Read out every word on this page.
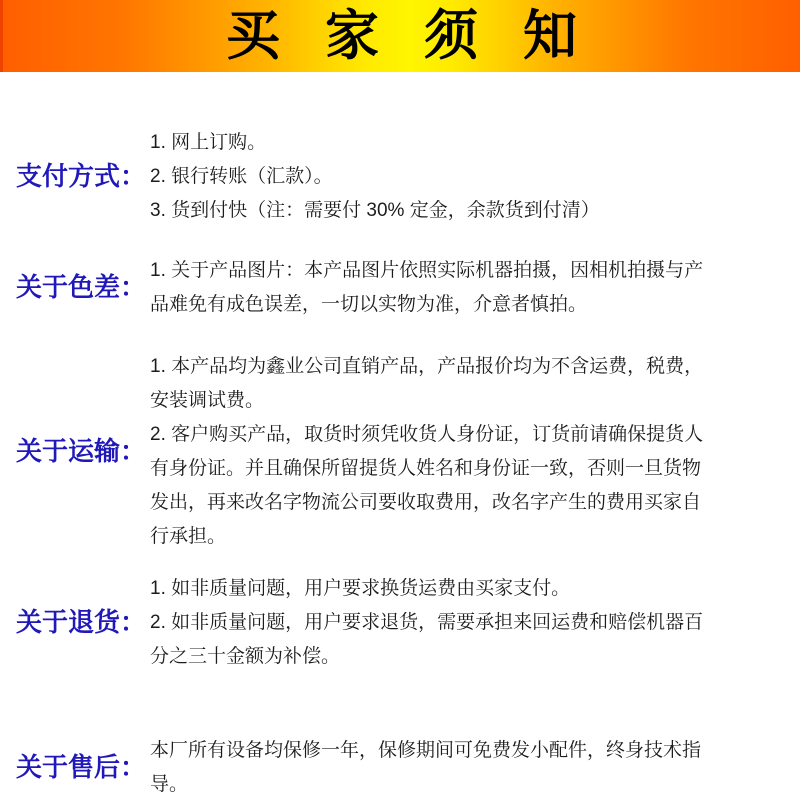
买家须知
支付方式：

1. 网上订购。

2. 银行转账（汇款）。

3. 货到付快（注：需要付 30% 定金，余款货到付清）

关于色差：

1. 关于产品图片：本产品图片依照实际机器拍摄，因相机拍摄与产品难免有成色误差，一切以实物为准，介意者慎拍。

关于运输：

1. 本产品均为鑫业公司直销产品，产品报价均为不含运费，税费，安装调试费。

2. 客户购买产品，取货时须凭收货人身份证，订货前请确保提货人有身份证。并且确保所留提货人姓名和身份证一致，否则一旦货物发出，再来改名字物流公司要收取费用，改名字产生的费用买家自行承担。

关于退货：

1. 如非质量问题，用户要求换货运费由买家支付。

2. 如非质量问题，用户要求退货，需要承担来回运费和赔偿机器百分之三十金额为补偿。

关于售后：

本厂所有设备均保修一年，保修期间可免费发小配件，终身技术指导。
